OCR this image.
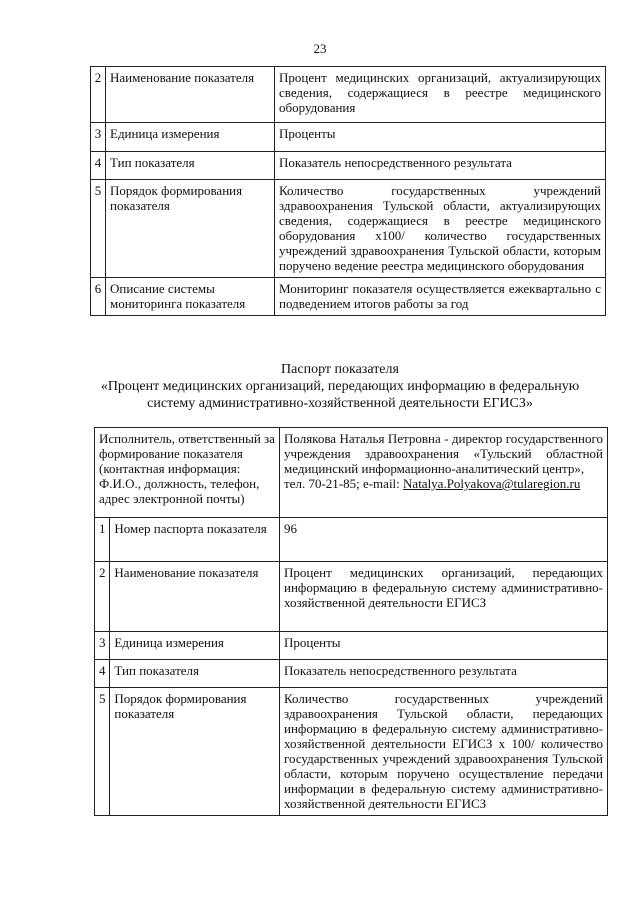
23
2	Наименование показателя	Процент медицинских организаций, актуализирующих сведения, содержащиеся в реестре медицинского оборудования
3	Единица измерения	Проценты
4	Тип показателя	Показатель непосредственного результата
5	Порядок формирования показателя	Количество государственных учреждений здравоохранения Тульской области, актуализирующих сведения, содержащиеся в реестре медицинского оборудования x100/ количество государственных учреждений здравоохранения Тульской области, которым поручено ведение реестра медицинского оборудования
6	Описание системы мониторинга показателя	Мониторинг показателя осуществляется ежеквартально с подведением итогов работы за год
Паспорт показателя
«Процент медицинских организаций, передающих информацию в федеральную систему административно-хозяйственной деятельности ЕГИСЗ»
Исполнитель, ответственный за формирование показателя (контактная информация: Ф.И.О., должность, телефон, адрес электронной почты)		Полякова Наталья Петровна - директор государственного учреждения здравоохранения «Тульский областной медицинский информационно-аналитический центр»,
тел. 70-21-85; e-mail: Natalya.Polyakova@tularegion.ru
1	Номер паспорта показателя	96
2	Наименование показателя	Процент медицинских организаций, передающих информацию в федеральную систему административно-хозяйственной деятельности ЕГИСЗ
3	Единица измерения	Проценты
4	Тип показателя	Показатель непосредственного результата
5	Порядок формирования показателя	Количество государственных учреждений здравоохранения Тульской области, передающих информацию в федеральную систему административно-хозяйственной деятельности ЕГИСЗ x 100/ количество государственных учреждений здравоохранения Тульской области, которым поручено осуществление передачи информации в федеральную систему административно-хозяйственной деятельности ЕГИСЗ
